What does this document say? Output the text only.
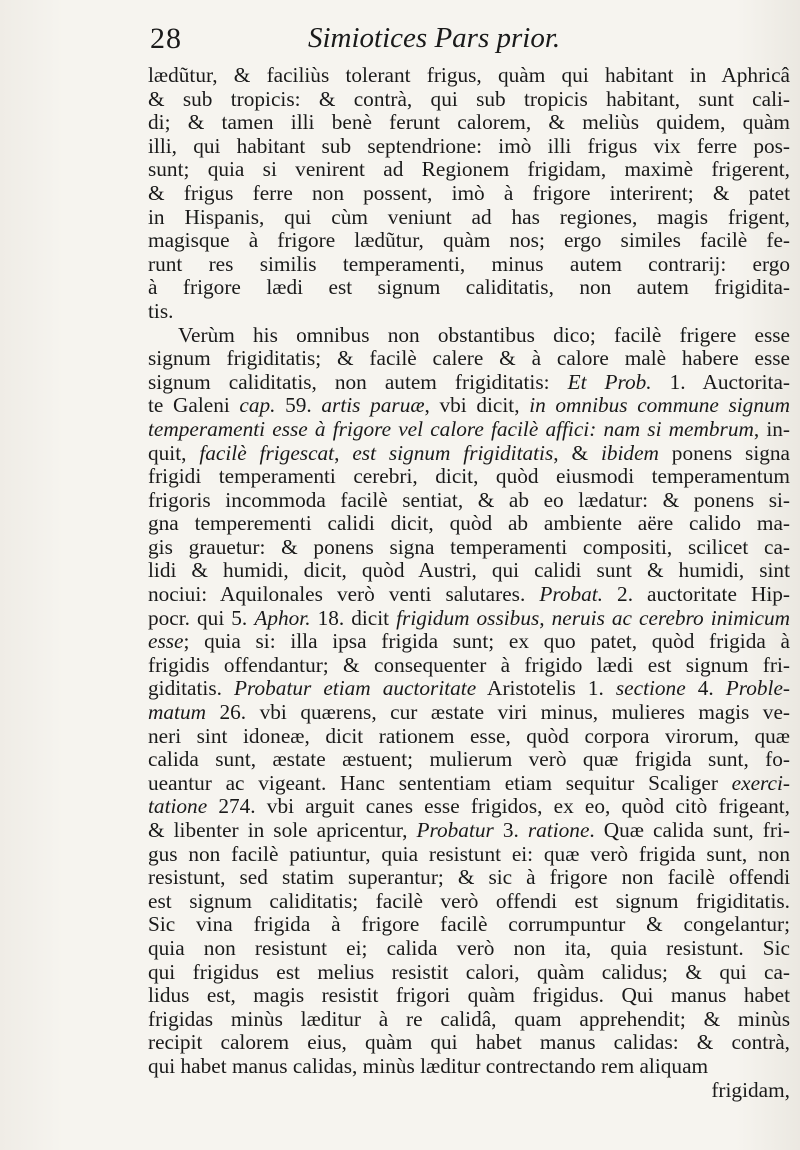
28	Simiotices Pars prior.
lædũtur, & faciliùs tolerant frigus, quàm qui habitant in Aphricâ
& sub tropicis: & contrà, qui sub tropicis habitant, sunt cali-
di; & tamen illi benè ferunt calorem, & meliùs quidem, quàm
illi, qui habitant sub septendrione: imò illi frigus vix ferre pos-
sunt; quia si venirent ad Regionem frigidam, maximè frigerent,
& frigus ferre non possent, imò à frigore interirent; & patet
in Hispanis, qui cùm veniunt ad has regiones, magis frigent,
magisque à frigore lædũtur, quàm nos; ergo similes facilè fe-
runt res similis temperamenti, minus autem contrarij: ergo
à frigore lædi est signum caliditatis, non autem frigidita-
tis.
Verùm his omnibus non obstantibus dico; facilè frigere esse
signum frigiditatis; & facilè calere & à calore malè habere esse
signum caliditatis, non autem frigiditatis: Et Prob. 1. Auctorita-
te Galeni cap. 59. artis paruæ, vbi dicit, in omnibus commune signum
temperamenti esse à frigore vel calore facilè affici: nam si membrum, in-
quit, facilè frigescat, est signum frigiditatis, & ibidem ponens signa
frigidi temperamenti cerebri, dicit, quòd eiusmodi temperamentum
frigoris incommoda facilè sentiat, & ab eo lædatur: & ponens si-
gna temperementi calidi dicit, quòd ab ambiente aëre calido ma-
gis grauetur: & ponens signa temperamenti compositi, scilicet ca-
lidi & humidi, dicit, quòd Austri, qui calidi sunt & humidi, sint
nociui: Aquilonales verò venti salutares. Probat. 2. auctoritate Hip-
pocr. qui 5. Aphor. 18. dicit frigidum ossibus, neruis ac cerebro inimicum
esse; quia si: illa ipsa frigida sunt; ex quo patet, quòd frigida à
frigidis offendantur; & consequenter à frigido lædi est signum fri-
giditatis. Probatur etiam auctoritate Aristotelis 1. sectione 4. Proble-
matum 26. vbi quærens, cur æstate viri minus, mulieres magis ve-
neri sint idoneæ, dicit rationem esse, quòd corpora virorum, quæ
calida sunt, æstate æstuent; mulierum verò quæ frigida sunt, fo-
ueantur ac vigeant. Hanc sententiam etiam sequitur Scaliger exerci-
tatione 274. vbi arguit canes esse frigidos, ex eo, quòd citò frigeant,
& libenter in sole apricentur, Probatur 3. ratione. Quæ calida sunt, fri-
gus non facilè patiuntur, quia resistunt ei: quæ verò frigida sunt, non
resistunt, sed statim superantur; & sic à frigore non facilè offendi
est signum caliditatis; facilè verò offendi est signum frigiditatis.
Sic vina frigida à frigore facilè corrumpuntur & congelantur;
quia non resistunt ei; calida verò non ita, quia resistunt. Sic
qui frigidus est melius resistit calori, quàm calidus; & qui ca-
lidus est, magis resistit frigori quàm frigidus. Qui manus habet
frigidas minùs læditur à re calidâ, quam apprehendit; & minùs
recipit calorem eius, quàm qui habet manus calidas: & contrà,
qui habet manus calidas, minùs læditur contrectando rem aliquam
frigidam,
